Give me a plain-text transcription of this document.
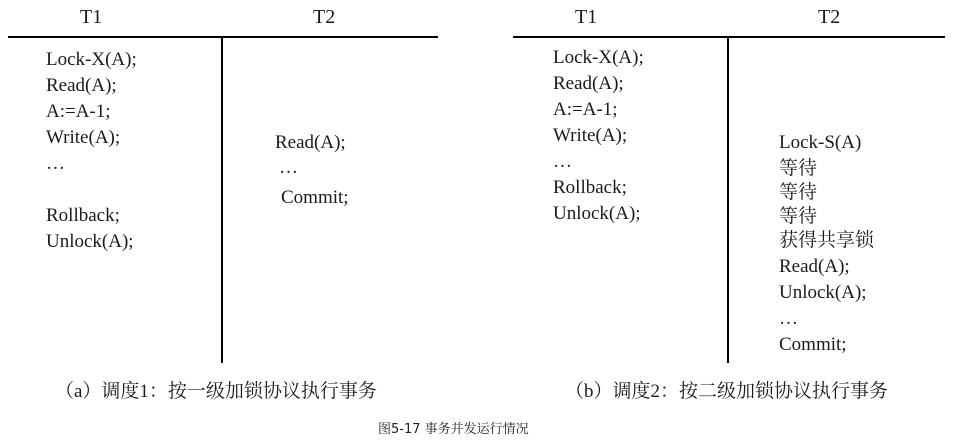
T1	T2
Lock-X(A);
Read(A);
A:=A-1;
Write(A);
…
Rollback;
Unlock(A);
Read(A);
…
Commit;
（a）调度1：按一级加锁协议执行事务
T1	T2
Lock-X(A);
Read(A);
A:=A-1;
Write(A);
…
Rollback;
Unlock(A);
Lock-S(A)
等待
等待
等待
获得共享锁
Read(A);
Unlock(A);
…
Commit;
（b）调度2：按二级加锁协议执行事务
图5-17 事务并发运行情况
